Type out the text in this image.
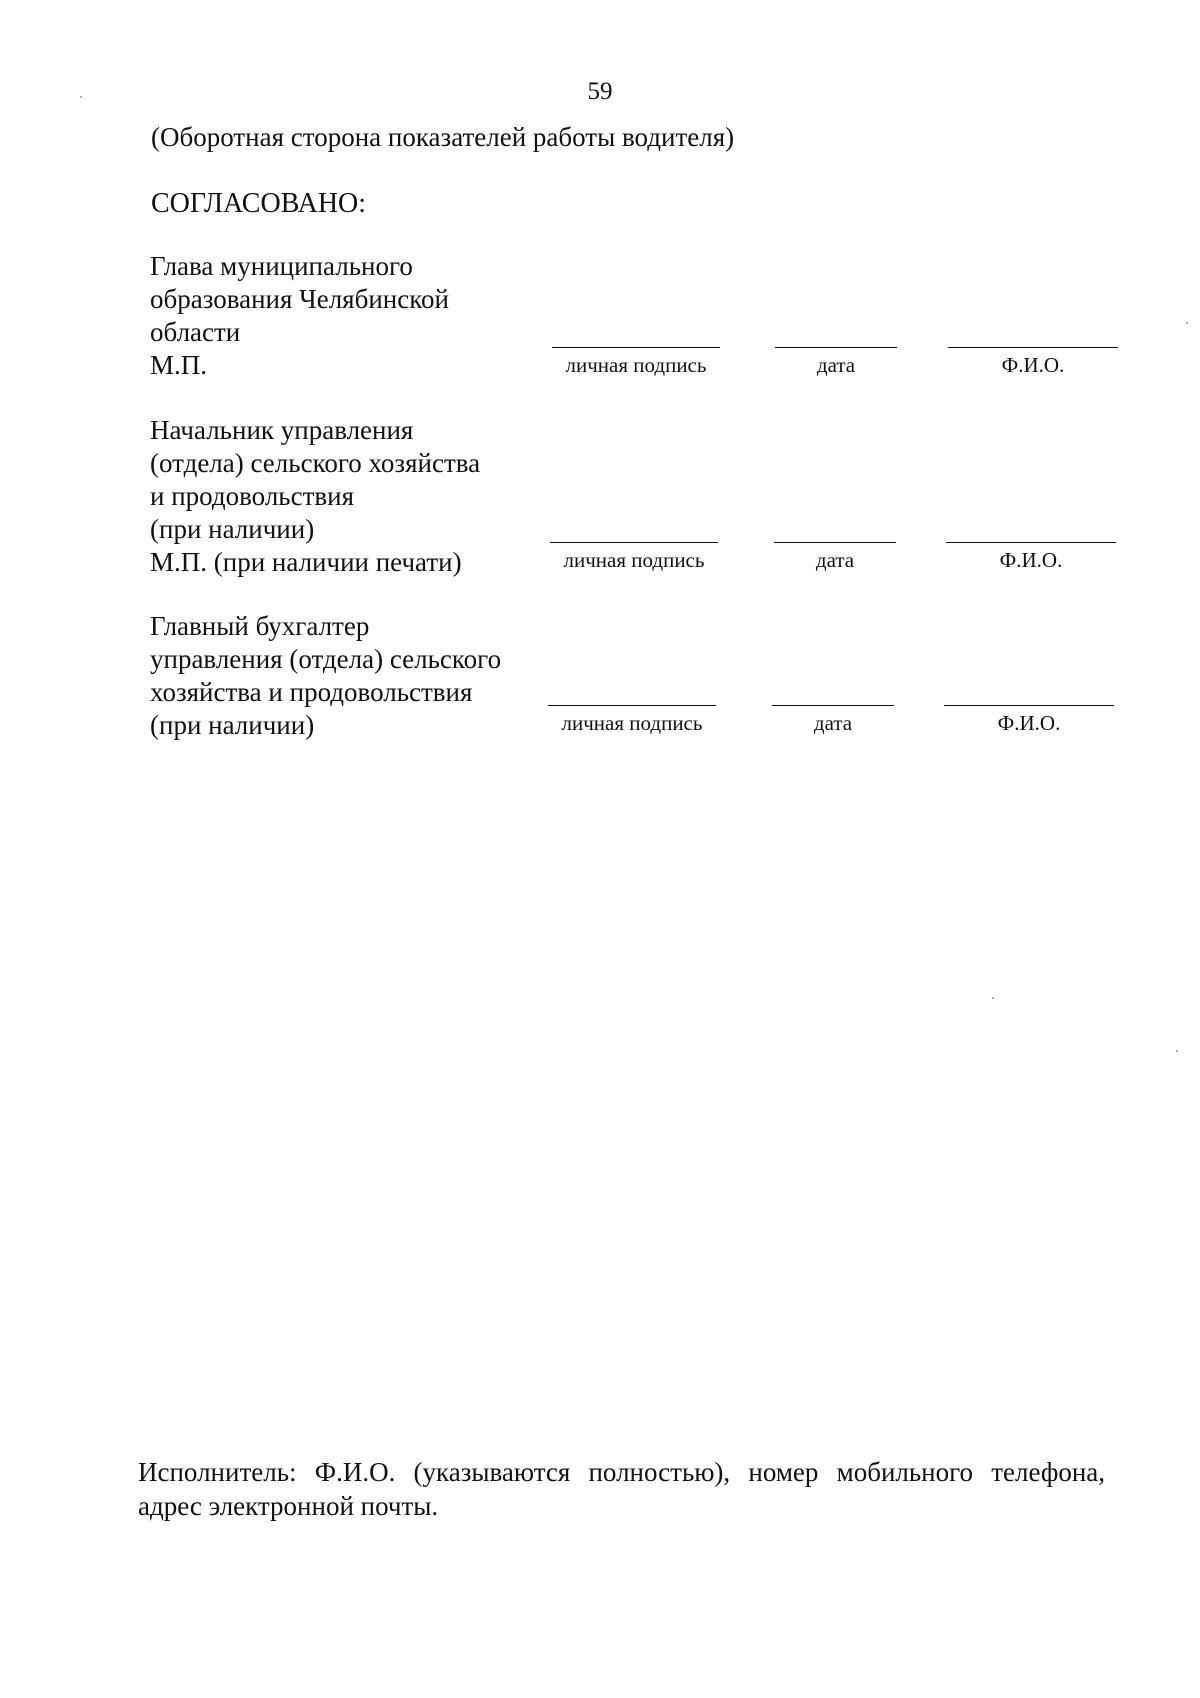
59
(Оборотная сторона показателей работы водителя)
СОГЛАСОВАНО:
Глава муниципального
образования Челябинской
области
М.П.	личная подпись	дата	Ф.И.О.
Начальник управления
(отдела) сельского хозяйства
и продовольствия
(при наличии)
М.П. (при наличии печати)	личная подпись	дата	Ф.И.О.
Главный бухгалтер
управления (отдела) сельского
хозяйства и продовольствия
(при наличии)	личная подпись	дата	Ф.И.О.
Исполнитель: Ф.И.О. (указываются полностью), номер мобильного телефона,
адрес электронной почты.
